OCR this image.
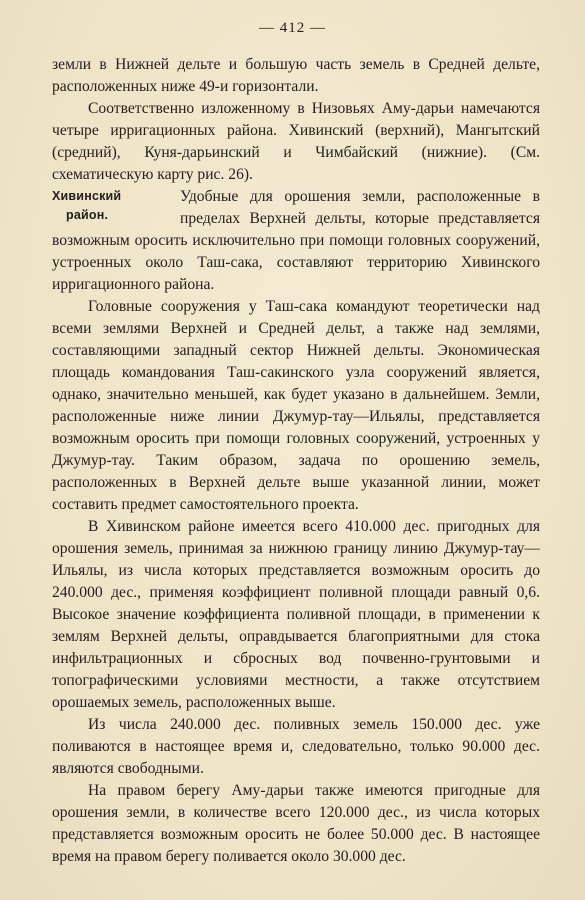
— 412 —

земли в Нижней дельте и большую часть земель в Средней дельте, расположенных ниже 49-и горизонтали.

Соответственно изложенному в Низовьях Аму-дарьи намечаются четыре ирригационных района. Хивинский (верхний), Мангытский (средний), Куня-дарьинский и Чимбайский (нижние). (См. схематическую карту рис. 26).

Хивинский
район.

Удобные для орошения земли, расположенные в пределах Верхней дельты, которые представляется возможным оросить исключительно при помощи головных сооружений, устроенных около Таш-сака, составляют территорию Хивинского ирригационного района.

Головные сооружения у Таш-сака командуют теоретически над всеми землями Верхней и Средней дельт, а также над землями, составляющими западный сектор Нижней дельты. Экономическая площадь командования Таш-сакинского узла сооружений является, однако, значительно меньшей, как будет указано в дальнейшем. Земли, расположенные ниже линии Джумур-тау—Ильялы, представляется возможным оросить при помощи головных сооружений, устроенных у Джумур-тау. Таким образом, задача по орошению земель, расположенных в Верхней дельте выше указанной линии, может составить предмет самостоятельного проекта.

В Хивинском районе имеется всего 410.000 дес. пригодных для орошения земель, принимая за нижнюю границу линию Джумур-тау—Ильялы, из числа которых представляется возможным оросить до 240.000 дес., применяя коэффициент поливной площади равный 0,6. Высокое значение коэффициента поливной площади, в применении к землям Верхней дельты, оправдывается благоприятными для стока инфильтрационных и сбросных вод почвенно-грунтовыми и топографическими условиями местности, а также отсутствием орошаемых земель, расположенных выше.

Из числа 240.000 дес. поливных земель 150.000 дес. уже поливаются в настоящее время и, следовательно, только 90.000 дес. являются свободными.

На правом берегу Аму-дарьи также имеются пригодные для орошения земли, в количестве всего 120.000 дес., из числа которых представляется возможным оросить не более 50.000 дес. В настоящее время на правом берегу поливается около 30.000 дес.
